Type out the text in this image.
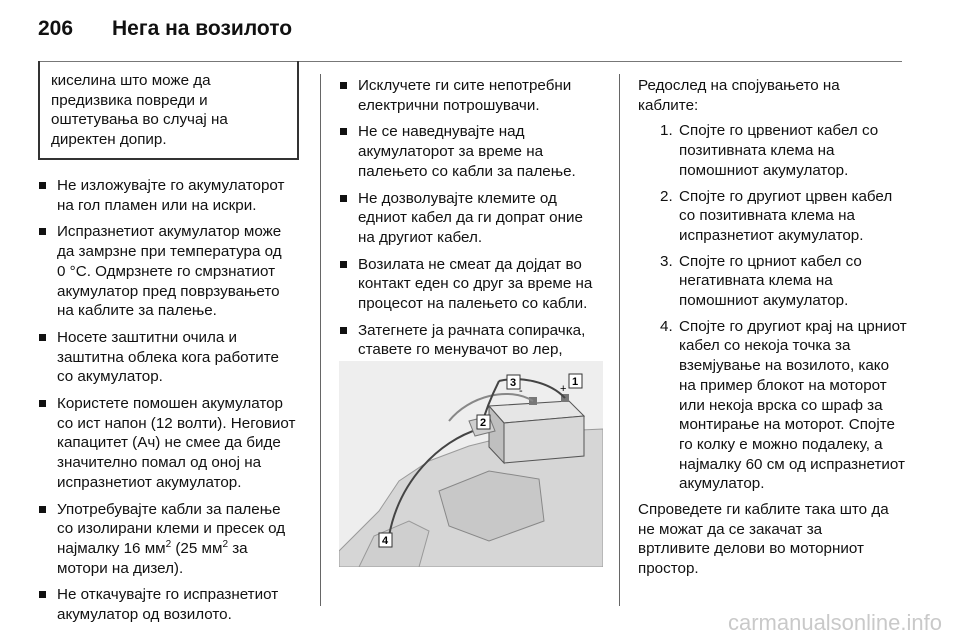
206 Нега на возилото
киселина што може да
предизвика повреди и
оштетувања во случај на
директен допир.
Не изложувајте го акумулаторот
на гол пламен или на искри.
Испразнетиот акумулатор може
да замрзне при температура од
0 °C. Одмрзнете го смрзнатиот
акумулатор пред поврзувањето
на каблите за палење.
Носете заштитни очила и
заштитна облека кога работите
со акумулатор.
Користете помошен акумулатор
со ист напон (12 волти). Неговиот
капацитет (Ач) не смее да биде
значително помал од оној на
испразнетиот акумулатор.
Употребувајте кабли за палење
со изолирани клеми и пресек од
најмалку 16 $мм^2$ (25 $мм^2$ за
мотори на дизел).
Не откачувајте го испразнетиот
акумулатор од возилото.
Исклучете ги сите непотребни
електрични потрошувачи.
Не се наведнувајте над
акумулаторот за време на
палењето со кабли за палење.
Не дозволувајте клемите од
едниот кабел да ги допрат оние
на другиот кабел.
Возилата не смеат да дојдат во
контакт еден со друг за време на
процесот на палењето со кабли.
Затегнете ја рачната сопирачка,
ставете го менувачот во лер,
3	1
-	+
2
4
Редослед на спојувањето на
каблите:
1. Спојте го црвениот кабел со
позитивната клема на
помошниот акумулатор.
2. Спојте го другиот црвен кабел
со позитивната клема на
испразнетиот акумулатор.
3. Спојте го црниот кабел со
негативната клема на
помошниот акумулатор.
4. Спојте го другиот крај на црниот
кабел со некоја точка за
вземјување на возилото, како
на пример блокот на моторот
или некоја врска со шраф за
монтирање на моторот. Спојте
го колку е можно подалеку, а
најмалку 60 см од испразнетиот
акумулатор.
Спроведете ги каблите така што да
не можат да се закачат за
вртливите делови во моторниот
простор.
carmanualsonline.info
